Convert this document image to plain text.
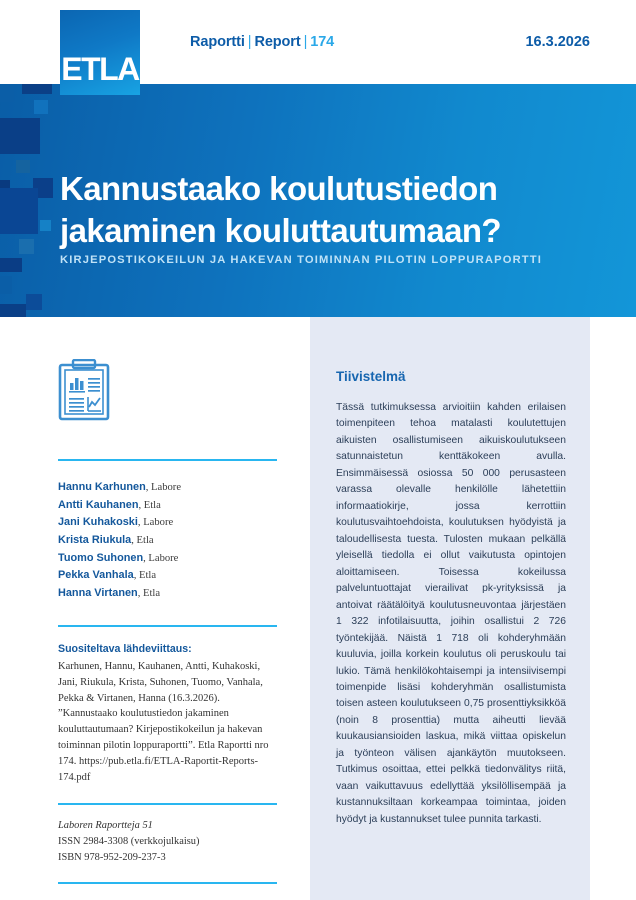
Raportti | Report | 174	16.3.2026
Kannustaako koulutustiedon jakaminen kouluttautumaan?
KIRJEPOSTIKOKEILUN JA HAKEVAN TOIMINNAN PILOTIN LOPPURAPORTTI
ETLA
Tiivistelmä
Tässä tutkimuksessa arvioitiin kahden erilaisen toimenpiteen tehoa matalasti koulutettujen aikuisten osallistumiseen aikuiskoulutukseen satunnaistetun kenttäkokeen avulla. Ensimmäisessä osiossa 50 000 perusasteen varassa olevalle henkilölle lähetettiin informaatiokirje, jossa kerrottiin koulutusvaihtoehdoista, koulutuksen hyödyistä ja taloudellisesta tuesta. Tulosten mukaan pelkällä yleisellä tiedolla ei ollut vaikutusta opintojen aloittamiseen. Toisessa kokeilussa palveluntuottajat vierailivat pk-yrityksissä ja antoivat räätälöityä koulutusneuvontaa järjestäen 1 322 infotilaisuutta, joihin osallistui 2 726 työntekijää. Näistä 1 718 oli kohderyhmään kuuluvia, joilla korkein koulutus oli peruskoulu tai lukio. Tämä henkilökohtaisempi ja intensiivisempi toimenpide lisäsi kohderyhmän osallistumista toisen asteen koulutukseen 0,75 prosenttiyksikköä (noin 8 prosenttia) mutta aiheutti lievää kuukausiansioiden laskua, mikä viittaa opiskelun ja työnteon välisen ajankäytön muutokseen. Tutkimus osoittaa, ettei pelkkä tiedonvälitys riitä, vaan vaikuttavuus edellyttää yksilöllisempää ja kustannuksiltaan korkeampaa toimintaa, joiden hyödyt ja kustannukset tulee punnita tarkasti.
Hannu Karhunen, Labore
Antti Kauhanen, Etla
Jani Kuhakoski, Labore
Krista Riukula, Etla
Tuomo Suhonen, Labore
Pekka Vanhala, Etla
Hanna Virtanen, Etla
Suositeltava lähdeviittaus:
Karhunen, Hannu, Kauhanen, Antti, Kuhakoski, Jani, Riukula, Krista, Suhonen, Tuomo, Vanhala, Pekka & Virtanen, Hanna (16.3.2026). ”Kannustaako koulutustiedon jakaminen kouluttautumaan? Kirjepostikokeilun ja hakevan toiminnan pilotin loppuraportti”. Etla Raportti nro 174. https://pub.etla.fi/ETLA-Raportit-Reports-174.pdf
Laboren Raportteja 51
ISSN 2984-3308 (verkkojulkaisu)
ISBN 978-952-209-237-3
